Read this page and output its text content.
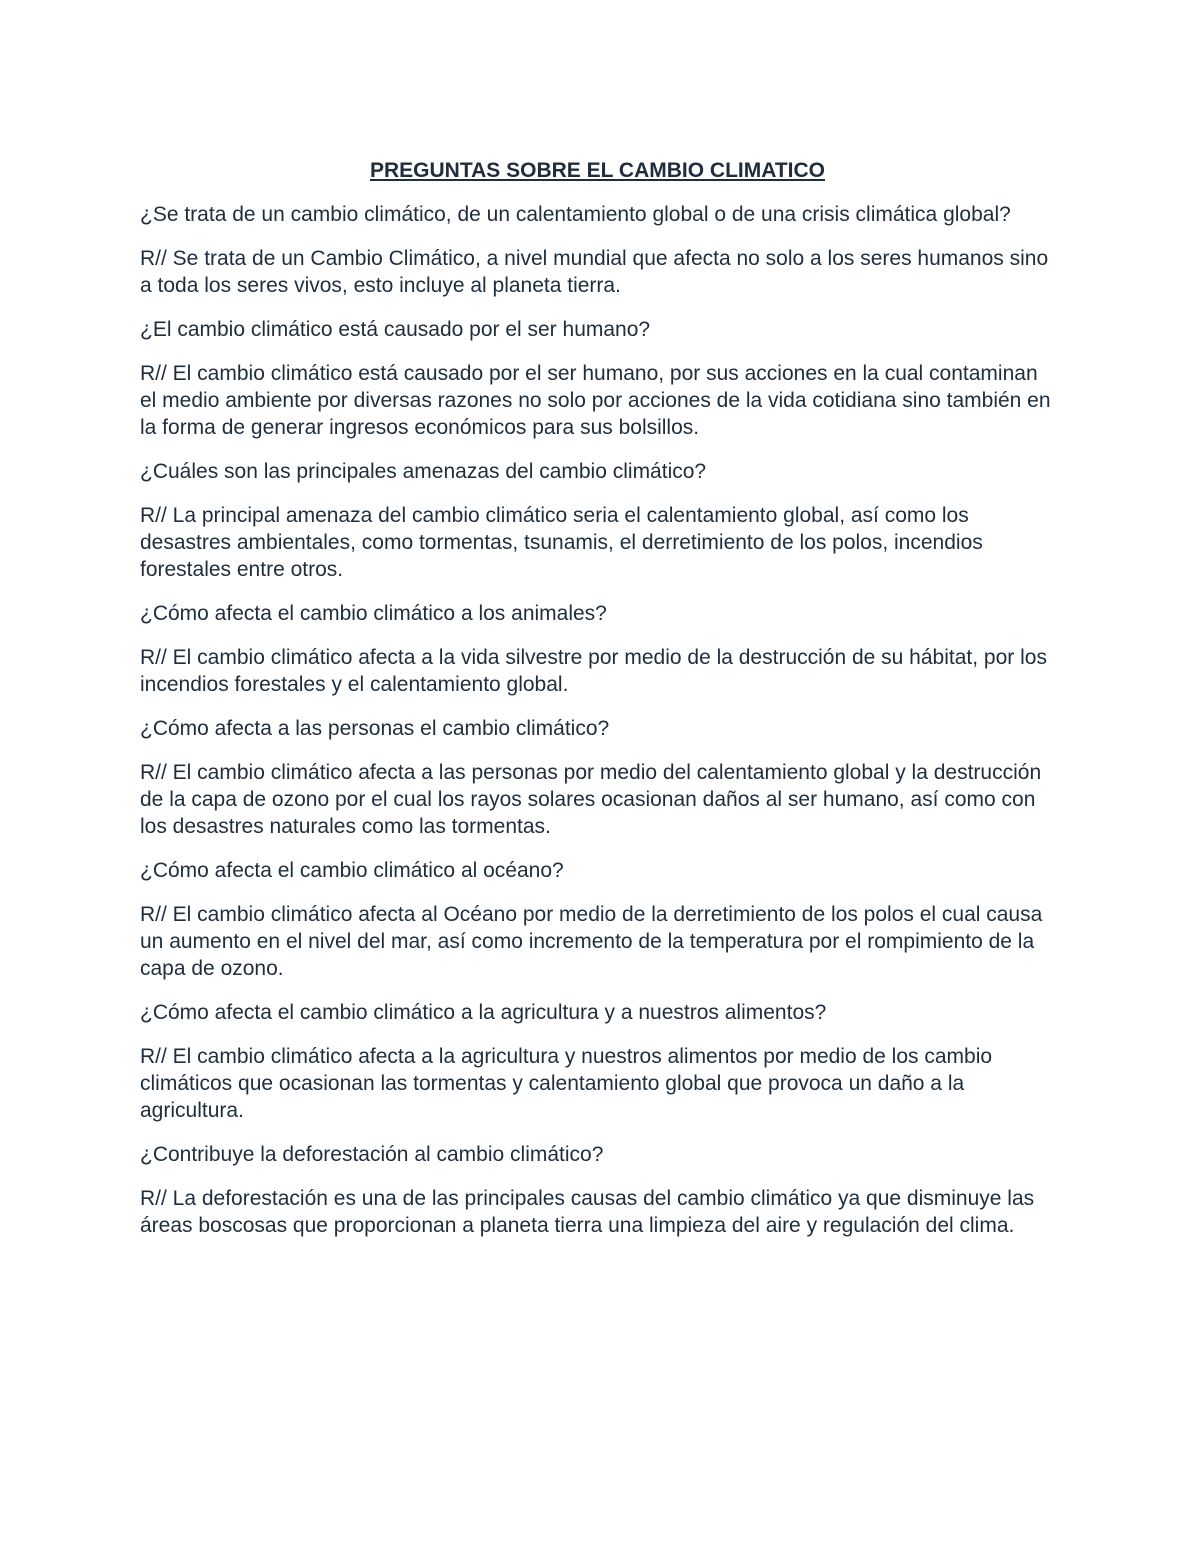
PREGUNTAS SOBRE EL CAMBIO CLIMATICO

¿Se trata de un cambio climático, de un calentamiento global o de una crisis climática global?

R// Se trata de un Cambio Climático, a nivel mundial que afecta no solo a los seres humanos sino a toda los seres vivos, esto incluye al planeta tierra.

¿El cambio climático está causado por el ser humano?

R// El cambio climático está causado por el ser humano, por sus acciones en la cual contaminan el medio ambiente por diversas razones no solo por acciones de la vida cotidiana sino también en la forma de generar ingresos económicos para sus bolsillos.

¿Cuáles son las principales amenazas del cambio climático?

R// La principal amenaza del cambio climático seria el calentamiento global, así como los desastres ambientales, como tormentas, tsunamis, el derretimiento de los polos, incendios forestales entre otros.

¿Cómo afecta el cambio climático a los animales?

R// El cambio climático afecta a la vida silvestre por medio de la destrucción de su hábitat, por los incendios forestales y el calentamiento global.

¿Cómo afecta a las personas el cambio climático?

R// El cambio climático afecta a las personas por medio del calentamiento global y la destrucción de la capa de ozono por el cual los rayos solares ocasionan daños al ser humano, así como con los desastres naturales como las tormentas.

¿Cómo afecta el cambio climático al océano?

R// El cambio climático afecta al Océano por medio de la derretimiento de los polos el cual causa un aumento en el nivel del mar, así como incremento de la temperatura por el rompimiento de la capa de ozono.

¿Cómo afecta el cambio climático a la agricultura y a nuestros alimentos?

R// El cambio climático afecta a la agricultura y nuestros alimentos por medio de los cambio climáticos que ocasionan las tormentas y calentamiento global que provoca un daño a la agricultura.

¿Contribuye la deforestación al cambio climático?

R// La deforestación es una de las principales causas del cambio climático ya que disminuye las áreas boscosas que proporcionan a planeta tierra una limpieza del aire y regulación del clima.
